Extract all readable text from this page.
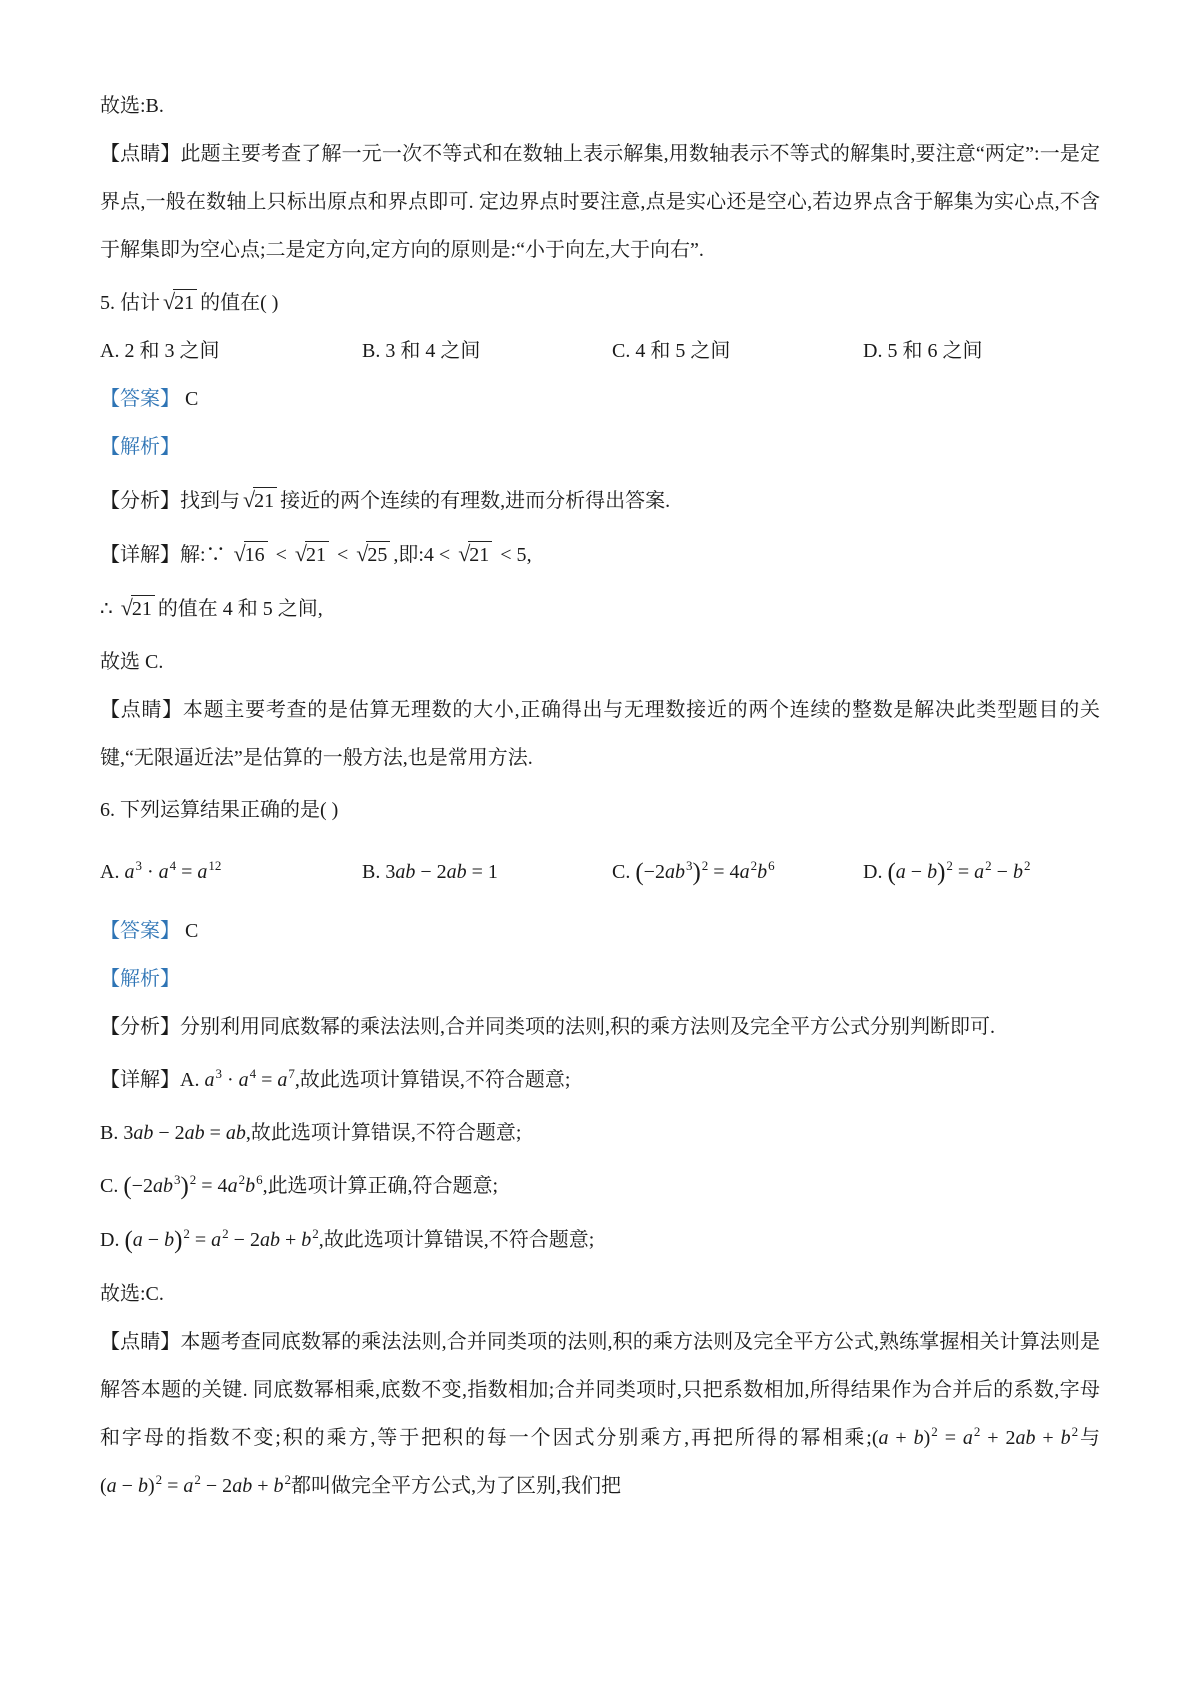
故选:B.
【点睛】此题主要考查了解一元一次不等式和在数轴上表示解集,用数轴表示不等式的解集时,要注意“两定”:一是定界点,一般在数轴上只标出原点和界点即可. 定边界点时要注意,点是实心还是空心,若边界点含于解集为实心点,不含于解集即为空心点;二是定方向,定方向的原则是:“小于向左,大于向右”.
5. 估计 √21 的值在( )
A. 2 和 3 之间	B. 3 和 4 之间	C. 4 和 5 之间	D. 5 和 6 之间
【答案】 C
【解析】
【分析】找到与 √21 接近的两个连续的有理数,进而分析得出答案.
【详解】解:∵ √16 < √21 < √25 ,即:4 < √21 < 5,
∴ √21 的值在 4 和 5 之间,
故选 C.
【点睛】本题主要考查的是估算无理数的大小,正确得出与无理数接近的两个连续的整数是解决此类型题目的关键,“无限逼近法”是估算的一般方法,也是常用方法.
6. 下列运算结果正确的是( )
A. $a^3 \cdot a^4 = a^{12}$	B. 3ab − 2ab = 1	C. $(-2ab^3)^2 = 4a^2b^6$	D. $(a - b)^2 = a^2 - b^2$
【答案】 C
【解析】
【分析】分别利用同底数幂的乘法法则,合并同类项的法则,积的乘方法则及完全平方公式分别判断即可.
【详解】A. $a^3 \cdot a^4 = a^7$,故此选项计算错误,不符合题意;
B. 3ab − 2ab = ab,故此选项计算错误,不符合题意;
C. $(-2ab^3)^2 = 4a^2b^6$,此选项计算正确,符合题意;
D. $(a - b)^2 = a^2 - 2ab + b^2$,故此选项计算错误,不符合题意;
故选:C.
【点睛】本题考查同底数幂的乘法法则,合并同类项的法则,积的乘方法则及完全平方公式,熟练掌握相关计算法则是解答本题的关键. 同底数幂相乘,底数不变,指数相加;合并同类项时,只把系数相加,所得结果作为合并后的系数,字母和字母的指数不变;积的乘方,等于把积的每一个因式分别乘方,再把所得的幂相乘;(a + $b)^2 = a^2 + 2ab + b^2$与$(a - b)^2 = a^2 - 2ab + b^2$都叫做完全平方公式,为了区别,我们把
